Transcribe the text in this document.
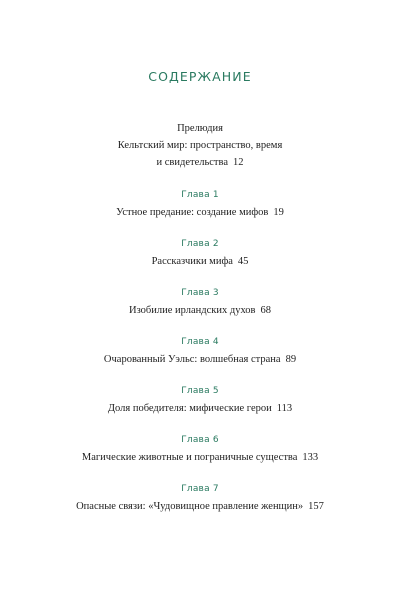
СОДЕРЖАНИЕ
Прелюдия
Кельтский мир: пространство, время
и свидетельства 12
Глава 1
Устное предание: создание мифов 19
Глава 2
Рассказчики мифа 45
Глава 3
Изобилие ирландских духов 68
Глава 4
Очарованный Уэльс: волшебная страна 89
Глава 5
Доля победителя: мифические герои 113
Глава 6
Магические животные и пограничные существа 133
Глава 7
Опасные связи: «Чудовищное правление женщин» 157
